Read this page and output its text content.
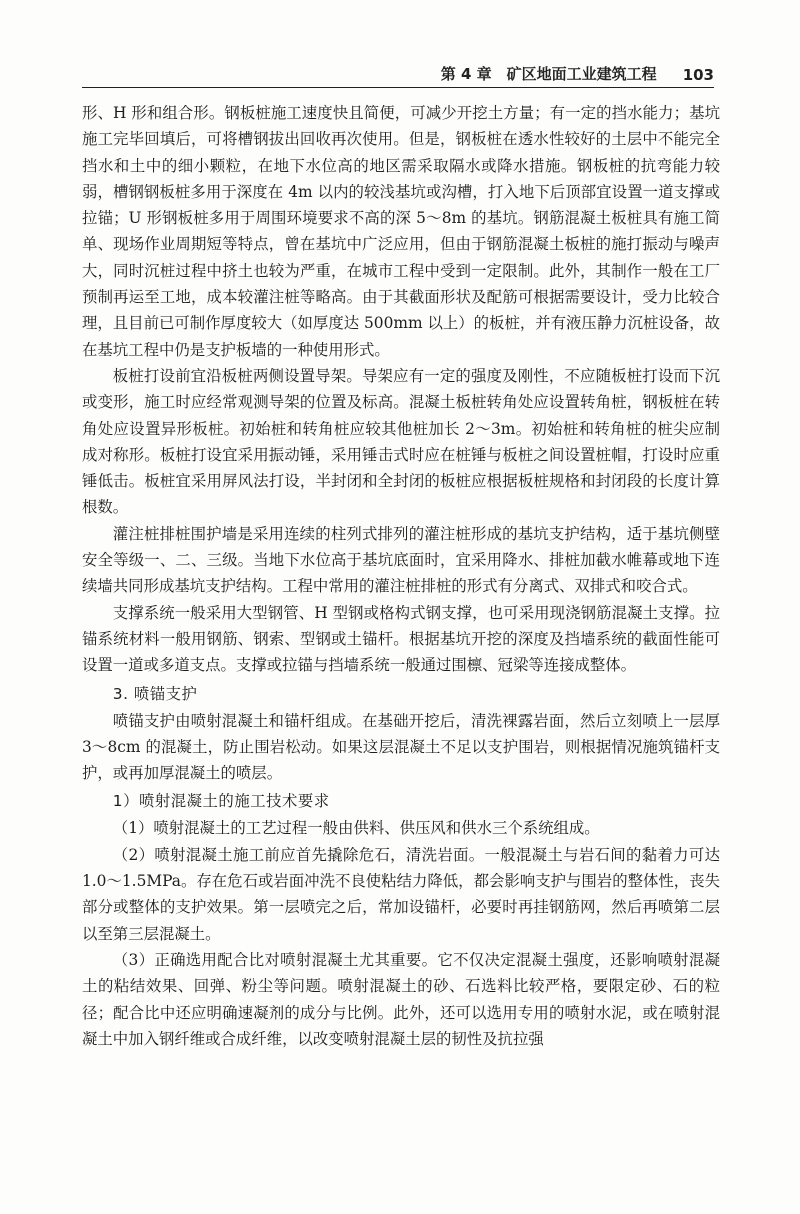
第 4 章　矿区地面工业建筑工程 103

形、H 形和组合形。钢板桩施工速度快且简便，可减少开挖土方量；有一定的挡水能力；基坑施工完毕回填后，可将槽钢拔出回收再次使用。但是，钢板桩在透水性较好的土层中不能完全挡水和土中的细小颗粒，在地下水位高的地区需采取隔水或降水措施。钢板桩的抗弯能力较弱，槽钢钢板桩多用于深度在 4m 以内的较浅基坑或沟槽，打入地下后顶部宜设置一道支撑或拉锚；U 形钢板桩多用于周围环境要求不高的深 5～8m 的基坑。钢筋混凝土板桩具有施工简单、现场作业周期短等特点，曾在基坑中广泛应用，但由于钢筋混凝土板桩的施打振动与噪声大，同时沉桩过程中挤土也较为严重，在城市工程中受到一定限制。此外，其制作一般在工厂预制再运至工地，成本较灌注桩等略高。由于其截面形状及配筋可根据需要设计，受力比较合理，且目前已可制作厚度较大（如厚度达 500mm 以上）的板桩，并有液压静力沉桩设备，故在基坑工程中仍是支护板墙的一种使用形式。

板桩打设前宜沿板桩两侧设置导架。导架应有一定的强度及刚性，不应随板桩打设而下沉或变形，施工时应经常观测导架的位置及标高。混凝土板桩转角处应设置转角桩，钢板桩在转角处应设置异形板桩。初始桩和转角桩应较其他桩加长 2～3m。初始桩和转角桩的桩尖应制成对称形。板桩打设宜采用振动锤，采用锤击式时应在桩锤与板桩之间设置桩帽，打设时应重锤低击。板桩宜采用屏风法打设，半封闭和全封闭的板桩应根据板桩规格和封闭段的长度计算根数。

灌注桩排桩围护墙是采用连续的柱列式排列的灌注桩形成的基坑支护结构，适于基坑侧壁安全等级一、二、三级。当地下水位高于基坑底面时，宜采用降水、排桩加截水帷幕或地下连续墙共同形成基坑支护结构。工程中常用的灌注桩排桩的形式有分离式、双排式和咬合式。

支撑系统一般采用大型钢管、H 型钢或格构式钢支撑，也可采用现浇钢筋混凝土支撑。拉锚系统材料一般用钢筋、钢索、型钢或土锚杆。根据基坑开挖的深度及挡墙系统的截面性能可设置一道或多道支点。支撑或拉锚与挡墙系统一般通过围檩、冠梁等连接成整体。

3. 喷锚支护

喷锚支护由喷射混凝土和锚杆组成。在基础开挖后，清洗裸露岩面，然后立刻喷上一层厚 3～8cm 的混凝土，防止围岩松动。如果这层混凝土不足以支护围岩，则根据情况施筑锚杆支护，或再加厚混凝土的喷层。

1）喷射混凝土的施工技术要求

（1）喷射混凝土的工艺过程一般由供料、供压风和供水三个系统组成。

（2）喷射混凝土施工前应首先撬除危石，清洗岩面。一般混凝土与岩石间的黏着力可达 1.0～1.5MPa。存在危石或岩面冲洗不良使粘结力降低，都会影响支护与围岩的整体性，丧失部分或整体的支护效果。第一层喷完之后，常加设锚杆，必要时再挂钢筋网，然后再喷第二层以至第三层混凝土。

（3）正确选用配合比对喷射混凝土尤其重要。它不仅决定混凝土强度，还影响喷射混凝土的粘结效果、回弹、粉尘等问题。喷射混凝土的砂、石选料比较严格，要限定砂、石的粒径；配合比中还应明确速凝剂的成分与比例。此外，还可以选用专用的喷射水泥，或在喷射混凝土中加入钢纤维或合成纤维，以改变喷射混凝土层的韧性及抗拉强
